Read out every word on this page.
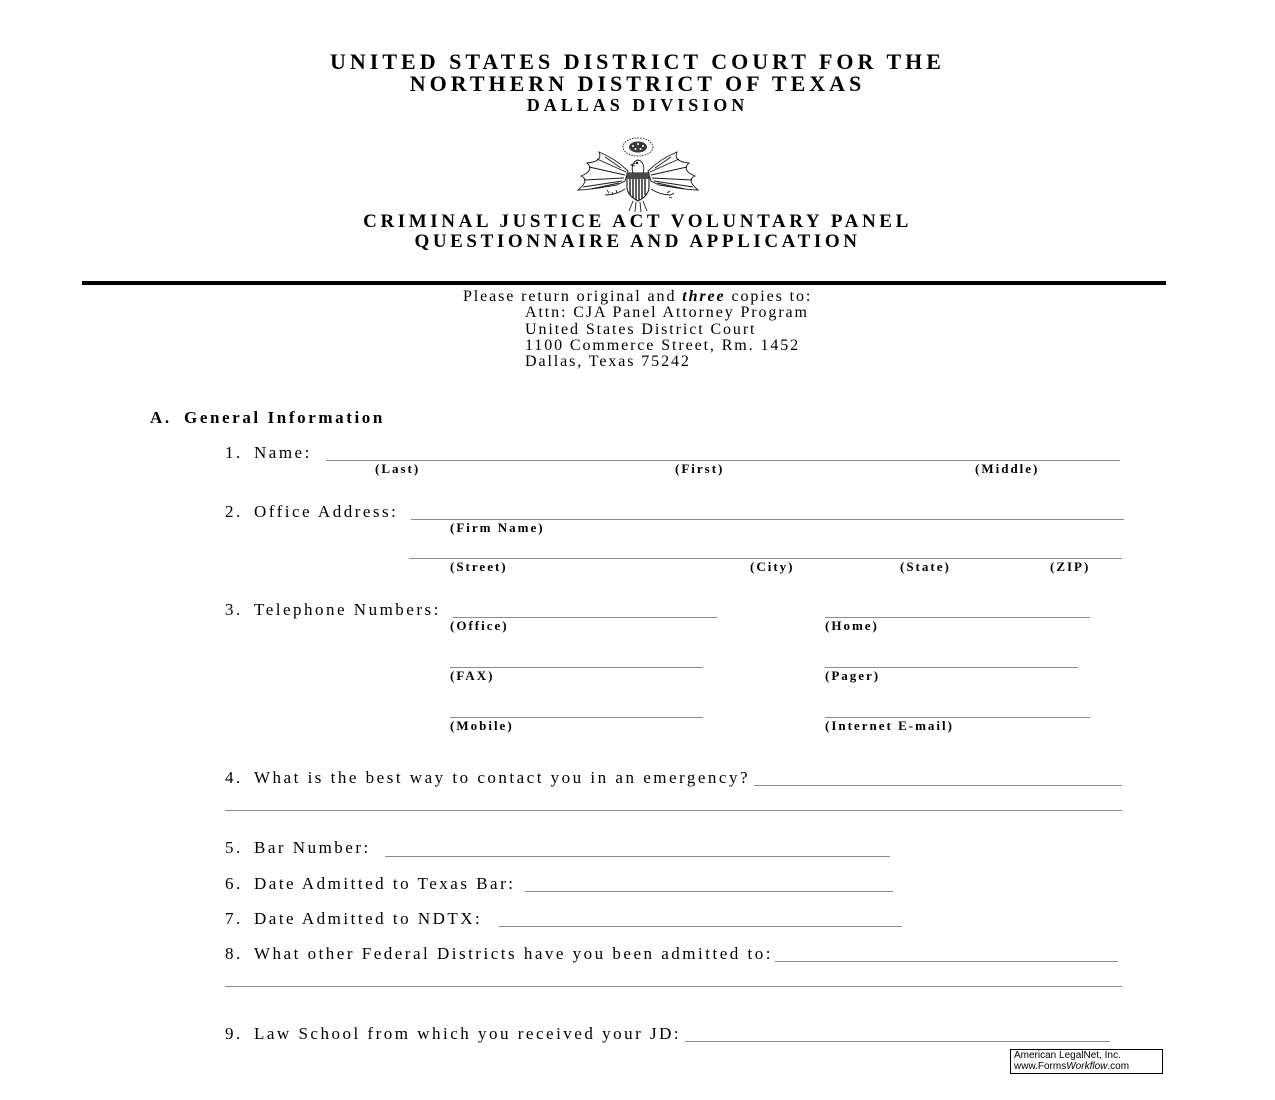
UNITED STATES DISTRICT COURT FOR THE
NORTHERN DISTRICT OF TEXAS
DALLAS DIVISION
CRIMINAL JUSTICE ACT VOLUNTARY PANEL
QUESTIONNAIRE AND APPLICATION
Please return original and three copies to:
Attn: CJA Panel Attorney Program
United States District Court
1100 Commerce Street, Rm. 1452
Dallas, Texas 75242
A. General Information
1. Name:
(Last)	(First)	(Middle)
2. Office Address:
(Firm Name)
(Street)	(City)	(State)	(ZIP)
3. Telephone Numbers:
(Office)	(Home)
(FAX)	(Pager)
(Mobile)	(Internet E-mail)
4. What is the best way to contact you in an emergency?
5. Bar Number:
6. Date Admitted to Texas Bar:
7. Date Admitted to NDTX:
8. What other Federal Districts have you been admitted to:
9. Law School from which you received your JD:
American LegalNet, Inc.
www.FormsWorkflow.com
